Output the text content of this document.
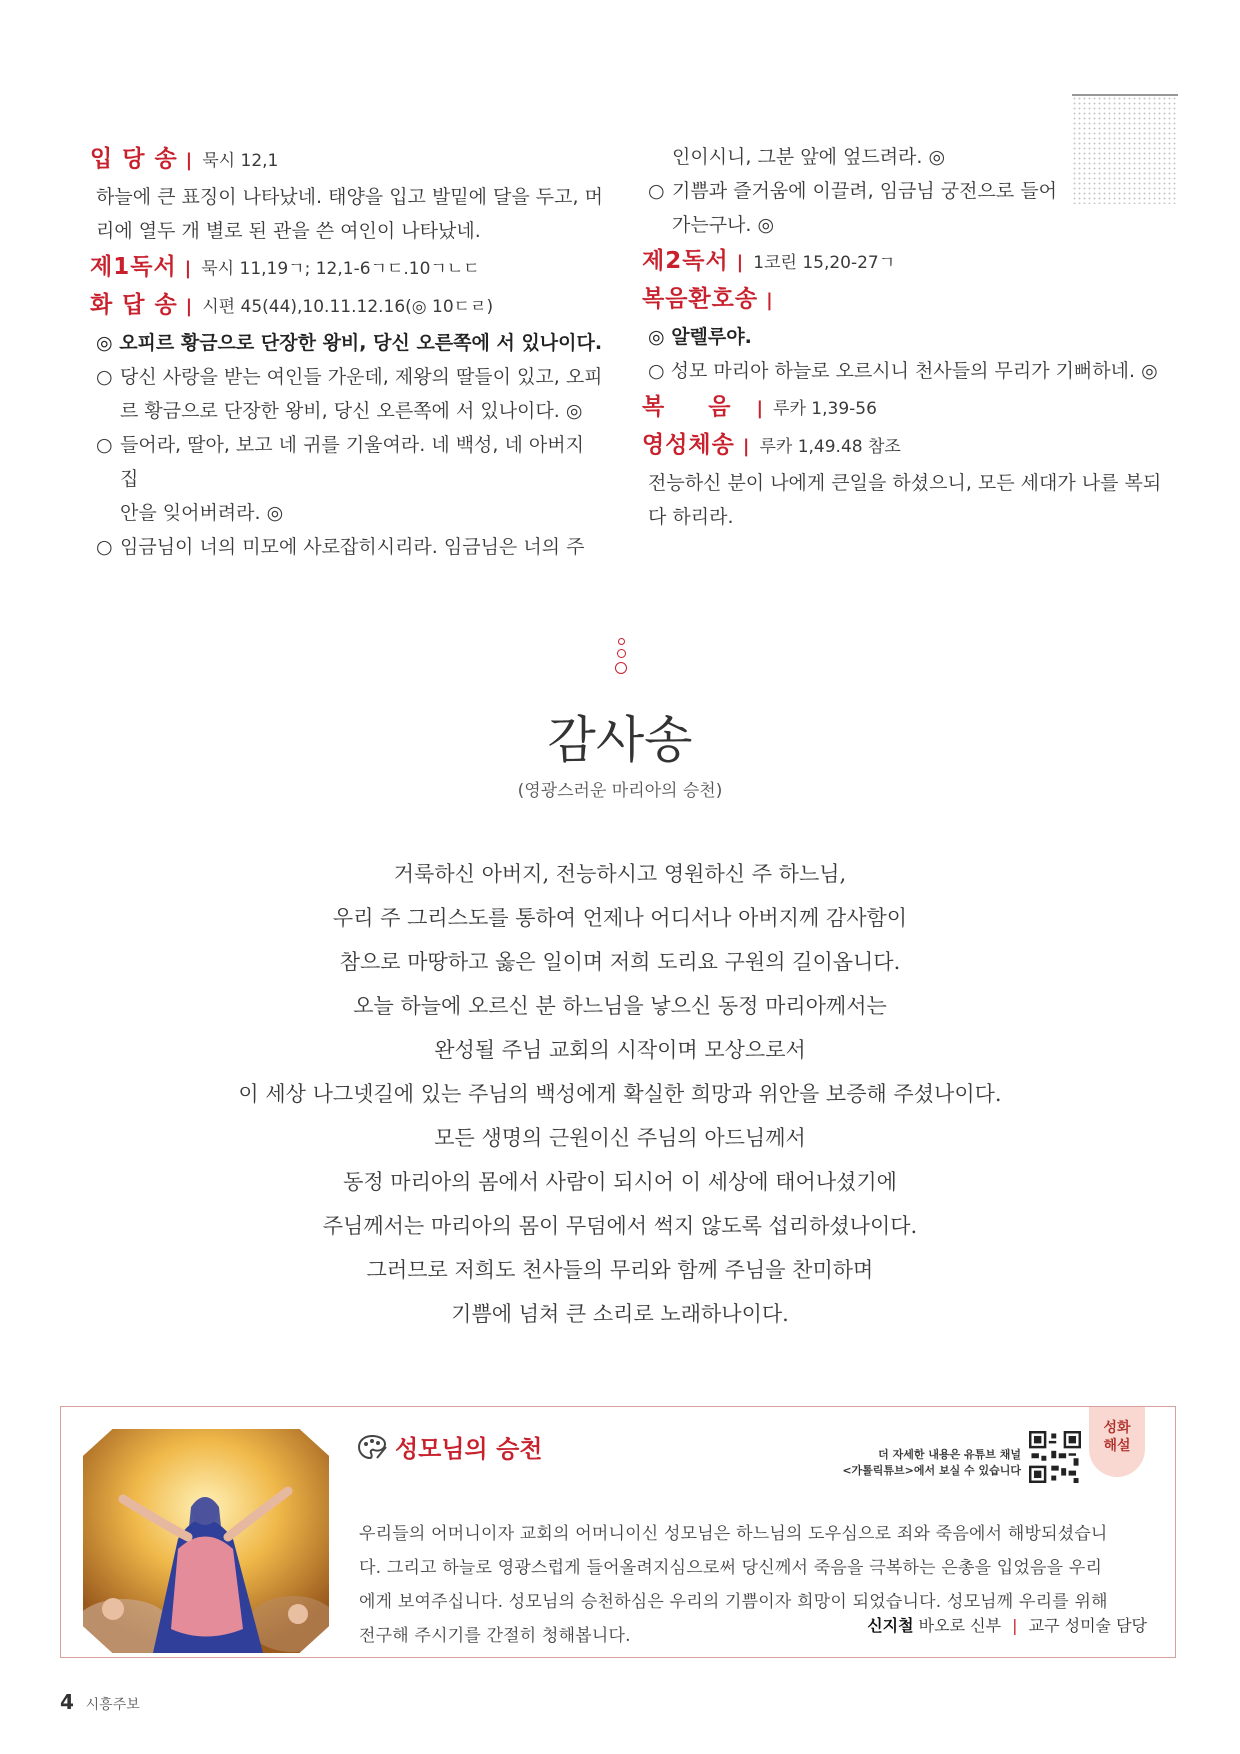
입 당 송 | 묵시 12,1
하늘에 큰 표징이 나타났네. 태양을 입고 발밑에 달을 두고, 머
리에 열두 개 별로 된 관을 쓴 여인이 나타났네.
제1독서 | 묵시 11,19ㄱ; 12,1-6ㄱㄷ.10ㄱㄴㄷ
화 답 송 | 시편 45(44),10.11.12.16(◎ 10ㄷㄹ)
◎ 오피르 황금으로 단장한 왕비, 당신 오른쪽에 서 있나이다.
○ 당신 사랑을 받는 여인들 가운데, 제왕의 딸들이 있고, 오피
르 황금으로 단장한 왕비, 당신 오른쪽에 서 있나이다. ◎
○ 들어라, 딸아, 보고 네 귀를 기울여라. 네 백성, 네 아버지 집
안을 잊어버려라. ◎
○ 임금님이 너의 미모에 사로잡히시리라. 임금님은 너의 주
인이시니, 그분 앞에 엎드려라. ◎
○ 기쁨과 즐거움에 이끌려, 임금님 궁전으로 들어
가는구나. ◎
제2독서 | 1코린 15,20-27ㄱ
복음환호송 |
◎ 알렐루야.
○ 성모 마리아 하늘로 오르시니 천사들의 무리가 기뻐하네. ◎
복 음 | 루카 1,39-56
영성체송 | 루카 1,49.48 참조
전능하신 분이 나에게 큰일을 하셨으니, 모든 세대가 나를 복되
다 하리라.
감사송
(영광스러운 마리아의 승천)
거룩하신 아버지, 전능하시고 영원하신 주 하느님,
우리 주 그리스도를 통하여 언제나 어디서나 아버지께 감사함이
참으로 마땅하고 옳은 일이며 저희 도리요 구원의 길이옵니다.
오늘 하늘에 오르신 분 하느님을 낳으신 동정 마리아께서는
완성될 주님 교회의 시작이며 모상으로서
이 세상 나그넷길에 있는 주님의 백성에게 확실한 희망과 위안을 보증해 주셨나이다.
모든 생명의 근원이신 주님의 아드님께서
동정 마리아의 몸에서 사람이 되시어 이 세상에 태어나셨기에
주님께서는 마리아의 몸이 무덤에서 썩지 않도록 섭리하셨나이다.
그러므로 저희도 천사들의 무리와 함께 주님을 찬미하며
기쁨에 넘쳐 큰 소리로 노래하나이다.
성모님의 승천	더 자세한 내용은 유튜브 채널
<가톨릭튜브>에서 보실 수 있습니다
성화
해설
우리들의 어머니이자 교회의 어머니이신 성모님은 하느님의 도우심으로 죄와 죽음에서 해방되셨습니
다. 그리고 하늘로 영광스럽게 들어올려지심으로써 당신께서 죽음을 극복하는 은총을 입었음을 우리
에게 보여주십니다. 성모님의 승천하심은 우리의 기쁨이자 희망이 되었습니다. 성모님께 우리를 위해
전구해 주시기를 간절히 청해봅니다.
신지철 바오로 신부 | 교구 성미술 담당
4 시흥주보
